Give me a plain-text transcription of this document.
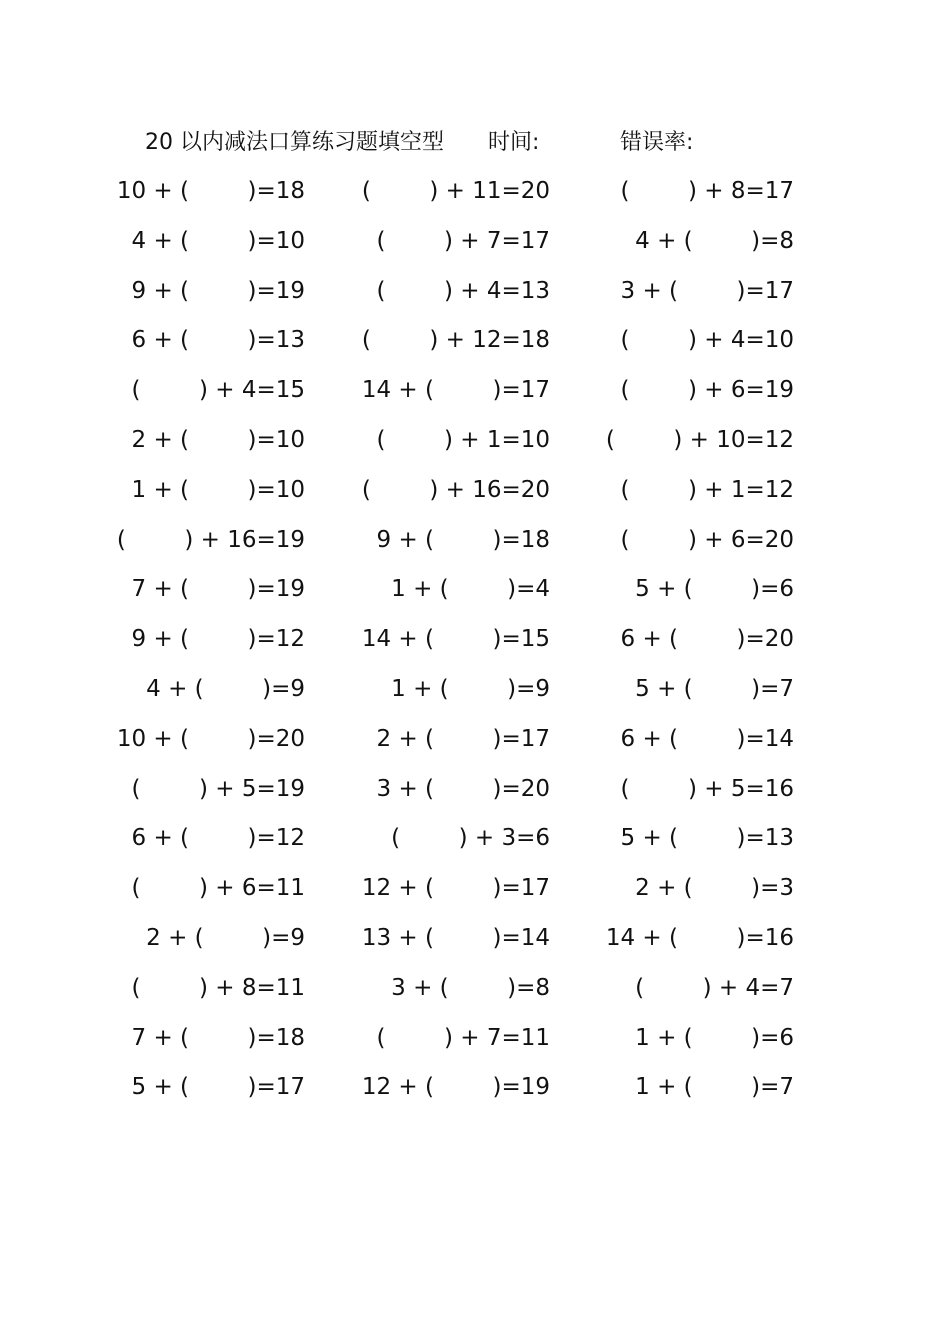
20 以内减法口算练习题填空型 时间:	错误率:
10 + (        )=18 (        ) + 11=20	(        ) + 8=17
4 + (        )=10	(        ) + 7=17	4 + (        )=8
9 + (        )=19	(        ) + 4=13	3 + (        )=17
6 + (        )=13 (        ) + 12=18	(        ) + 4=10
(        ) + 4=15 14 + (        )=17	(        ) + 6=19
2 + (        )=10	(        ) + 1=10 (        ) + 10=12
1 + (        )=10 (        ) + 16=20	(        ) + 1=12
(        ) + 16=19	9 + (        )=18	(        ) + 6=20
7 + (        )=19	1 + (        )=4	5 + (        )=6
9 + (        )=12 14 + (        )=15	6 + (        )=20
4 + (        )=9	1 + (        )=9	5 + (        )=7
10 + (        )=20	2 + (        )=17	6 + (        )=14
(        ) + 5=19	3 + (        )=20	(        ) + 5=16
6 + (        )=12	(        ) + 3=6	5 + (        )=13
(        ) + 6=11 12 + (        )=17	2 + (        )=3
2 + (        )=9 13 + (        )=14 14 + (        )=16
(        ) + 8=11	3 + (        )=8	(        ) + 4=7
7 + (        )=18	(        ) + 7=11	1 + (        )=6
5 + (        )=17 12 + (        )=19	1 + (        )=7
